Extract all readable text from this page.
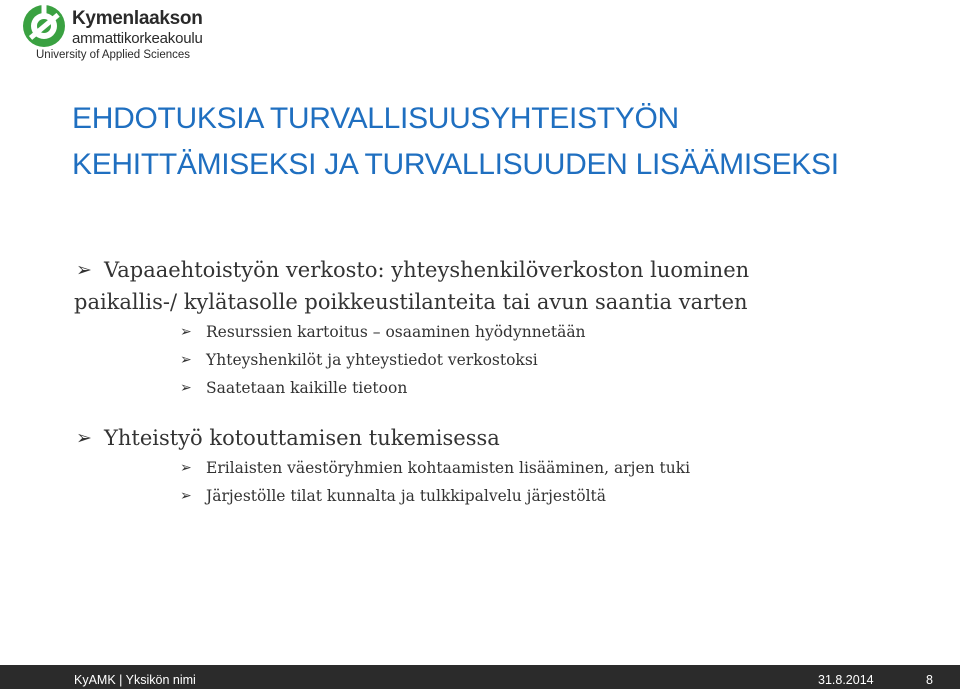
Kymenlaakson
ammattikorkeakoulu
University of Applied Sciences
EHDOTUKSIA TURVALLISUUSYHTEISTYÖN
KEHITTÄMISEKSI JA TURVALLISUUDEN LISÄÄMISEKSI
➢ Vapaaehtoistyön verkosto: yhteyshenkilöverkoston luominen
paikallis-/ kylätasolle poikkeustilanteita tai avun saantia varten
➢ Resurssien kartoitus – osaaminen hyödynnetään
➢ Yhteyshenkilöt ja yhteystiedot verkostoksi
➢ Saatetaan kaikille tietoon
➢ Yhteistyö kotouttamisen tukemisessa
➢ Erilaisten väestöryhmien kohtaamisten lisääminen, arjen tuki
➢ Järjestölle tilat kunnalta ja tulkkipalvelu järjestöltä
KyAMK | Yksikön nimi	31.8.2014	8
